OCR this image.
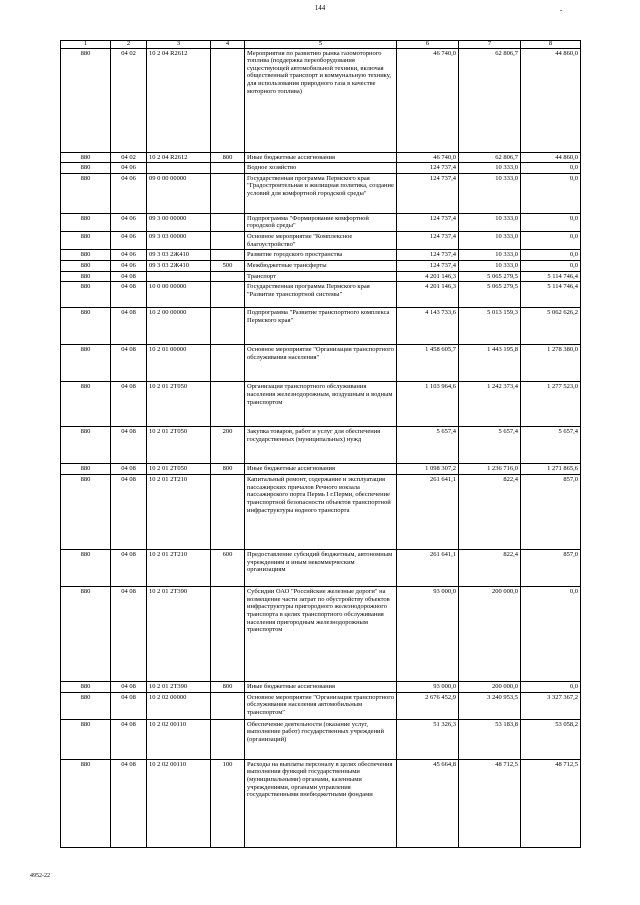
144	-
1	2	3	4	5	6	7	8
880	04 02	10 2 04 R2612		Мероприятия по развитию рынка газомоторного топлива (поддержка переоборудования существующей автомобильной техники, включая общественный транспорт и коммунальную технику, для использования природного газа в качестве моторного топлива)	46 740,0	62 806,7	44 860,0
880	04 02	10 2 04 R2612	800	Иные бюджетные ассигнования	46 740,0	62 806,7	44 860,0
880	04 06			Водное хозяйство	124 737,4	10 333,0	0,0
880	04 06	09 0 00 00000		Государственная программа Пермского края "Градостроительная и жилищная политика, создание условий для комфортной городской среды"	124 737,4	10 333,0	0,0
880	04 06	09 3 00 00000		Подпрограмма "Формирование комфортной городской среды"	124 737,4	10 333,0	0,0
880	04 06	09 3 03 00000		Основное мероприятие "Комплексное благоустройство"	124 737,4	10 333,0	0,0
880	04 06	09 3 03 2Ж410		Развитие городского пространства	124 737,4	10 333,0	0,0
880	04 06	09 3 03 2Ж410	500	Межбюджетные трансферты	124 737,4	10 333,0	0,0
880	04 08			Транспорт	4 201 146,3	5 065 279,5	5 114 746,4
880	04 08	10 0 00 00000		Государственная программа Пермского края "Развитие транспортной системы"	4 201 146,3	5 065 279,5	5 114 746,4
880	04 08	10 2 00 00000		Подпрограмма "Развитие транспортного комплекса Пермского края"	4 143 733,6	5 013 159,3	5 062 626,2
880	04 08	10 2 01 00000		Основное мероприятие "Организация транспортного обслуживания населения"	1 458 605,7	1 443 195,8	1 278 380,0
880	04 08	10 2 01 2Т050		Организация транспортного обслуживания населения железнодорожным, воздушным и водным транспортом	1 103 964,6	1 242 373,4	1 277 523,0
880	04 08	10 2 01 2Т050	200	Закупка товаров, работ и услуг для обеспечения государственных (муниципальных) нужд	5 657,4	5 657,4	5 657,4
880	04 08	10 2 01 2Т050	800	Иные бюджетные ассигнования	1 098 307,2	1 236 716,0	1 271 865,6
880	04 08	10 2 01 2Т210		Капитальный ремонт, содержание и эксплуатация пассажирских причалов Речного вокзала пассажирского порта Пермь I г.Перми, обеспечение транспортной безопасности объектов транспортной инфраструктуры водного транспорта	261 641,1	822,4	857,0
880	04 08	10 2 01 2Т210	600	Предоставление субсидий бюджетным, автономным учреждениям и иным некоммерческим организациям	261 641,1	822,4	857,0
880	04 08	10 2 01 2Т390		Субсидии ОАО "Российские железные дороги" на возмещение части затрат по обустройству объектов инфраструктуры пригородного железнодорожного транспорта в целях транспортного обслуживания населения пригородным железнодорожным транспортом	93 000,0	200 000,0	0,0
880	04 08	10 2 01 2Т390	800	Иные бюджетные ассигнования	93 000,0	200 000,0	0,0
880	04 08	10 2 02 00000		Основное мероприятие "Организация транспортного обслуживания населения автомобильным транспортом"	2 676 452,9	3 240 953,5	3 327 367,2
880	04 08	10 2 02 00110		Обеспечение деятельности (оказание услуг, выполнение работ) государственных учреждений (организаций)	51 326,3	53 183,8	53 058,2
880	04 08	10 2 02 00110	100	Расходы на выплаты персоналу в целях обеспечения выполнения функций государственными (муниципальными) органами, казенными учреждениями, органами управления государственными внебюджетными фондами	45 664,8	48 712,5	48 712,5
4952-22
